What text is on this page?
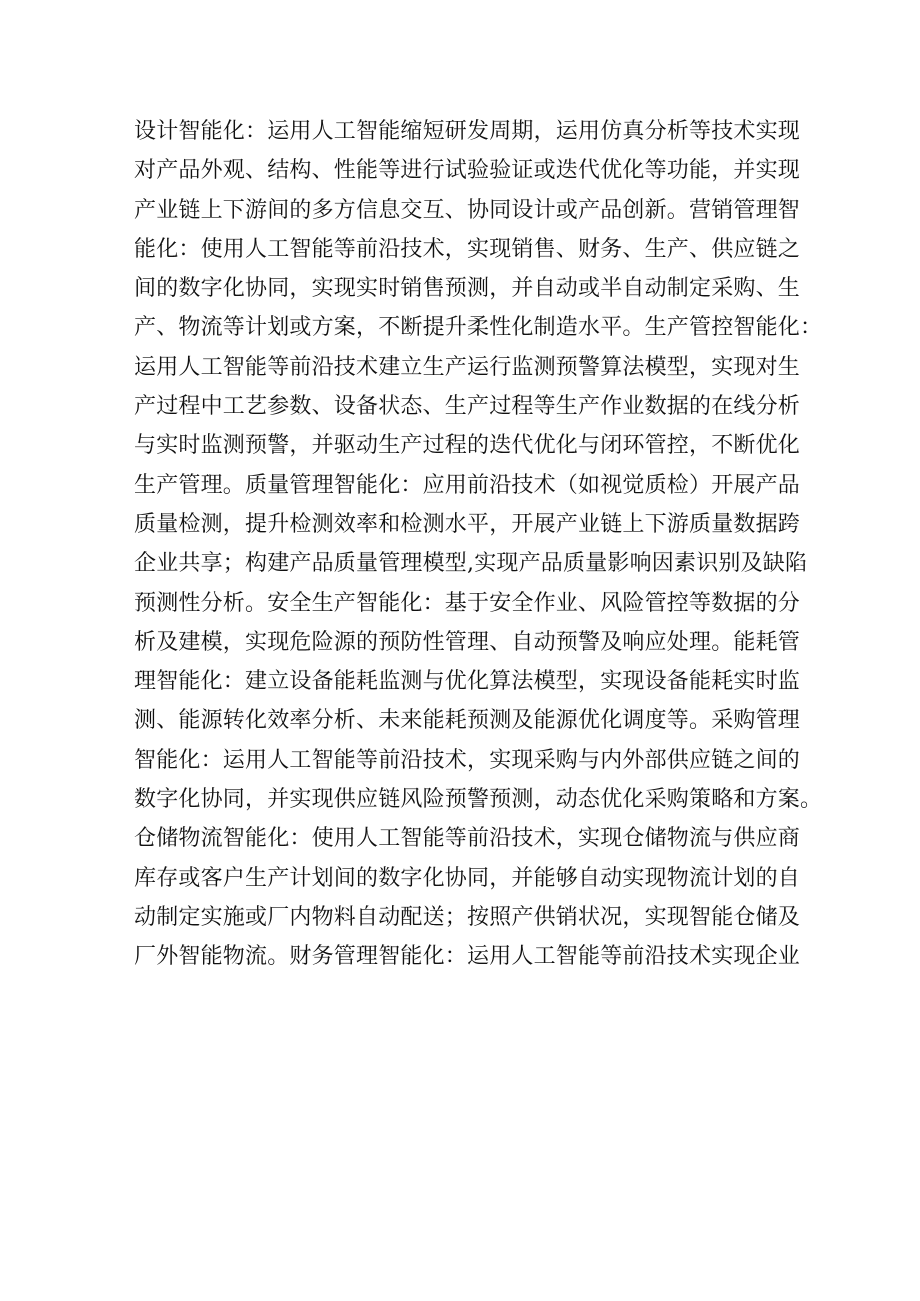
设计智能化：运用人工智能缩短研发周期，运用仿真分析等技术实现
对产品外观、结构、性能等进行试验验证或迭代优化等功能，并实现
产业链上下游间的多方信息交互、协同设计或产品创新。营销管理智
能化：使用人工智能等前沿技术，实现销售、财务、生产、供应链之
间的数字化协同，实现实时销售预测，并自动或半自动制定采购、生
产、物流等计划或方案，不断提升柔性化制造水平。生产管控智能化：
运用人工智能等前沿技术建立生产运行监测预警算法模型，实现对生
产过程中工艺参数、设备状态、生产过程等生产作业数据的在线分析
与实时监测预警，并驱动生产过程的迭代优化与闭环管控，不断优化
生产管理。质量管理智能化：应用前沿技术（如视觉质检）开展产品
质量检测，提升检测效率和检测水平，开展产业链上下游质量数据跨
企业共享；构建产品质量管理模型,实现产品质量影响因素识别及缺陷
预测性分析。安全生产智能化：基于安全作业、风险管控等数据的分
析及建模，实现危险源的预防性管理、自动预警及响应处理。能耗管
理智能化：建立设备能耗监测与优化算法模型，实现设备能耗实时监
测、能源转化效率分析、未来能耗预测及能源优化调度等。采购管理
智能化：运用人工智能等前沿技术，实现采购与内外部供应链之间的
数字化协同，并实现供应链风险预警预测，动态优化采购策略和方案。
仓储物流智能化：使用人工智能等前沿技术，实现仓储物流与供应商
库存或客户生产计划间的数字化协同，并能够自动实现物流计划的自
动制定实施或厂内物料自动配送；按照产供销状况，实现智能仓储及
厂外智能物流。财务管理智能化：运用人工智能等前沿技术实现企业
